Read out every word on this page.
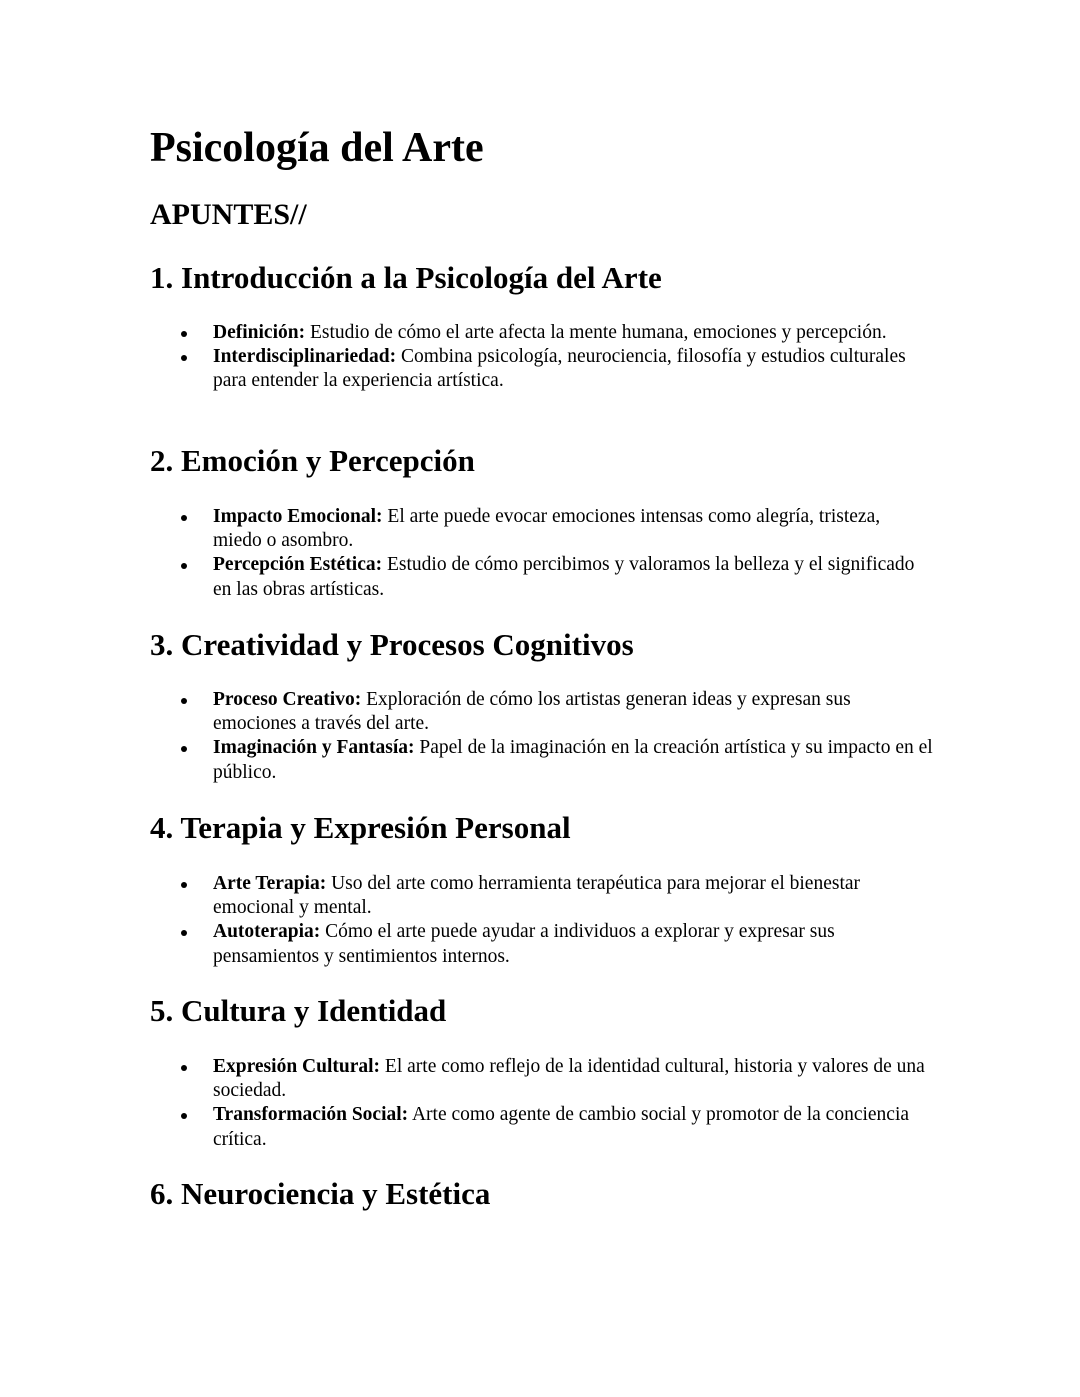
Psicología del Arte
APUNTES//
1. Introducción a la Psicología del Arte
Definición: Estudio de cómo el arte afecta la mente humana, emociones y percepción.
Interdisciplinariedad: Combina psicología, neurociencia, filosofía y estudios culturales para entender la experiencia artística.
2. Emoción y Percepción
Impacto Emocional: El arte puede evocar emociones intensas como alegría, tristeza, miedo o asombro.
Percepción Estética: Estudio de cómo percibimos y valoramos la belleza y el significado en las obras artísticas.
3. Creatividad y Procesos Cognitivos
Proceso Creativo: Exploración de cómo los artistas generan ideas y expresan sus emociones a través del arte.
Imaginación y Fantasía: Papel de la imaginación en la creación artística y su impacto en el público.
4. Terapia y Expresión Personal
Arte Terapia: Uso del arte como herramienta terapéutica para mejorar el bienestar emocional y mental.
Autoterapia: Cómo el arte puede ayudar a individuos a explorar y expresar sus pensamientos y sentimientos internos.
5. Cultura y Identidad
Expresión Cultural: El arte como reflejo de la identidad cultural, historia y valores de una sociedad.
Transformación Social: Arte como agente de cambio social y promotor de la conciencia crítica.
6. Neurociencia y Estética
